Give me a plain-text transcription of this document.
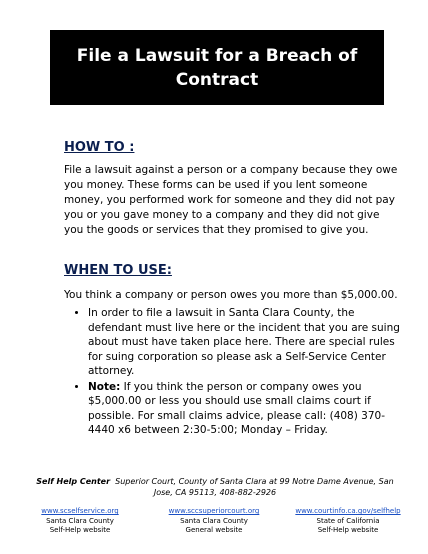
File a Lawsuit for a Breach of Contract
HOW TO :

File a lawsuit against a person or a company because they owe you money. These forms can be used if you lent someone money, you performed work for someone and they did not pay you or you gave money to a company and they did not give you the goods or services that they promised to give you.

WHEN TO USE:

You think a company or person owes you more than $5,000.00.

• In order to file a lawsuit in Santa Clara County, the defendant must live here or the incident that you are suing about must have taken place here. There are special rules for suing corporation so please ask a Self-Service Center attorney.
• Note: If you think the person or company owes you $5,000.00 or less you should use small claims court if possible. For small claims advice, please call: (408) 370-4440 x6 between 2:30-5:00; Monday – Friday.
Self Help Center Superior Court, County of Santa Clara at 99 Notre Dame Avenue, San Jose, CA 95113, 408-882-2926
www.scselfservice.org
Santa Clara County
Self-Help website
www.sccsuperiorcourt.org
Santa Clara County
General website
www.courtinfo.ca.gov/selfhelp
State of California
Self-Help website
